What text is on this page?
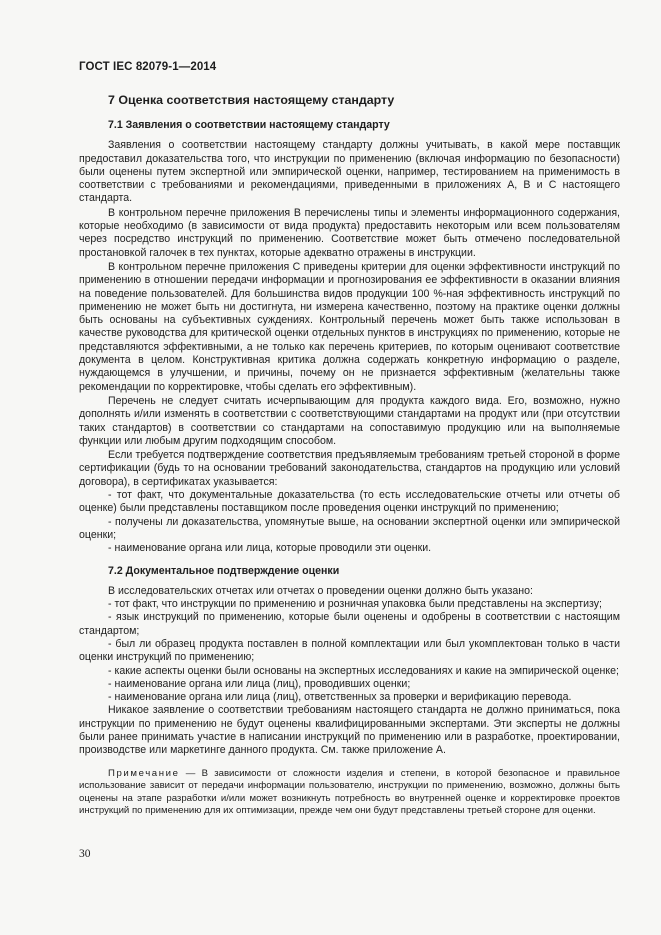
ГОСТ IEC 82079-1—2014
7 Оценка соответствия настоящему стандарту
7.1 Заявления о соответствии настоящему стандарту

Заявления о соответствии настоящему стандарту должны учитывать, в какой мере поставщик предоставил доказательства того, что инструкции по применению (включая информацию по безопасности) были оценены путем экспертной или эмпирической оценки, например, тестированием на применимость в соответствии с требованиями и рекомендациями, приведенными в приложениях А, В и С настоящего стандарта.

В контрольном перечне приложения В перечислены типы и элементы информационного содержания, которые необходимо (в зависимости от вида продукта) предоставить некоторым или всем пользователям через посредство инструкций по применению. Соответствие может быть отмечено последовательной простановкой галочек в тех пунктах, которые адекватно отражены в инструкции.

В контрольном перечне приложения С приведены критерии для оценки эффективности инструкций по применению в отношении передачи информации и прогнозирования ее эффективности в оказании влияния на поведение пользователей. Для большинства видов продукции 100 %-ная эффективность инструкций по применению не может быть ни достигнута, ни измерена качественно, поэтому на практике оценки должны быть основаны на субъективных суждениях. Контрольный перечень может быть также использован в качестве руководства для критической оценки отдельных пунктов в инструкциях по применению, которые не представляются эффективными, а не только как перечень критериев, по которым оценивают соответствие документа в целом. Конструктивная критика должна содержать конкретную информацию о разделе, нуждающемся в улучшении, и причины, почему он не признается эффективным (желательны также рекомендации по корректировке, чтобы сделать его эффективным).

Перечень не следует считать исчерпывающим для продукта каждого вида. Его, возможно, нужно дополнять и/или изменять в соответствии с соответствующими стандартами на продукт или (при отсутствии таких стандартов) в соответствии со стандартами на сопоставимую продукцию или на выполняемые функции или любым другим подходящим способом.

Если требуется подтверждение соответствия предъявляемым требованиям третьей стороной в форме сертификации (будь то на основании требований законодательства, стандартов на продукцию или условий договора), в сертификатах указывается:

- тот факт, что документальные доказательства (то есть исследовательские отчеты или отчеты об оценке) были представлены поставщиком после проведения оценки инструкций по применению;

- получены ли доказательства, упомянутые выше, на основании экспертной оценки или эмпирической оценки;

- наименование органа или лица, которые проводили эти оценки.

7.2 Документальное подтверждение оценки

В исследовательских отчетах или отчетах о проведении оценки должно быть указано:

- тот факт, что инструкции по применению и розничная упаковка были представлены на экспертизу;

- язык инструкций по применению, которые были оценены и одобрены в соответствии с настоящим стандартом;

- был ли образец продукта поставлен в полной комплектации или был укомплектован только в части оценки инструкций по применению;

- какие аспекты оценки были основаны на экспертных исследованиях и какие на эмпирической оценке;

- наименование органа или лица (лиц), проводивших оценки;

- наименование органа или лица (лиц), ответственных за проверки и верификацию перевода.

Никакое заявление о соответствии требованиям настоящего стандарта не должно приниматься, пока инструкции по применению не будут оценены квалифицированными экспертами. Эти эксперты не должны были ранее принимать участие в написании инструкций по применению или в разработке, проектировании, производстве или маркетинге данного продукта. См. также приложение А.

Примечание — В зависимости от сложности изделия и степени, в которой безопасное и правильное использование зависит от передачи информации пользователю, инструкции по применению, возможно, должны быть оценены на этапе разработки и/или может возникнуть потребность во внутренней оценке и корректировке проектов инструкций по применению для их оптимизации, прежде чем они будут представлены третьей стороне для оценки.

30
